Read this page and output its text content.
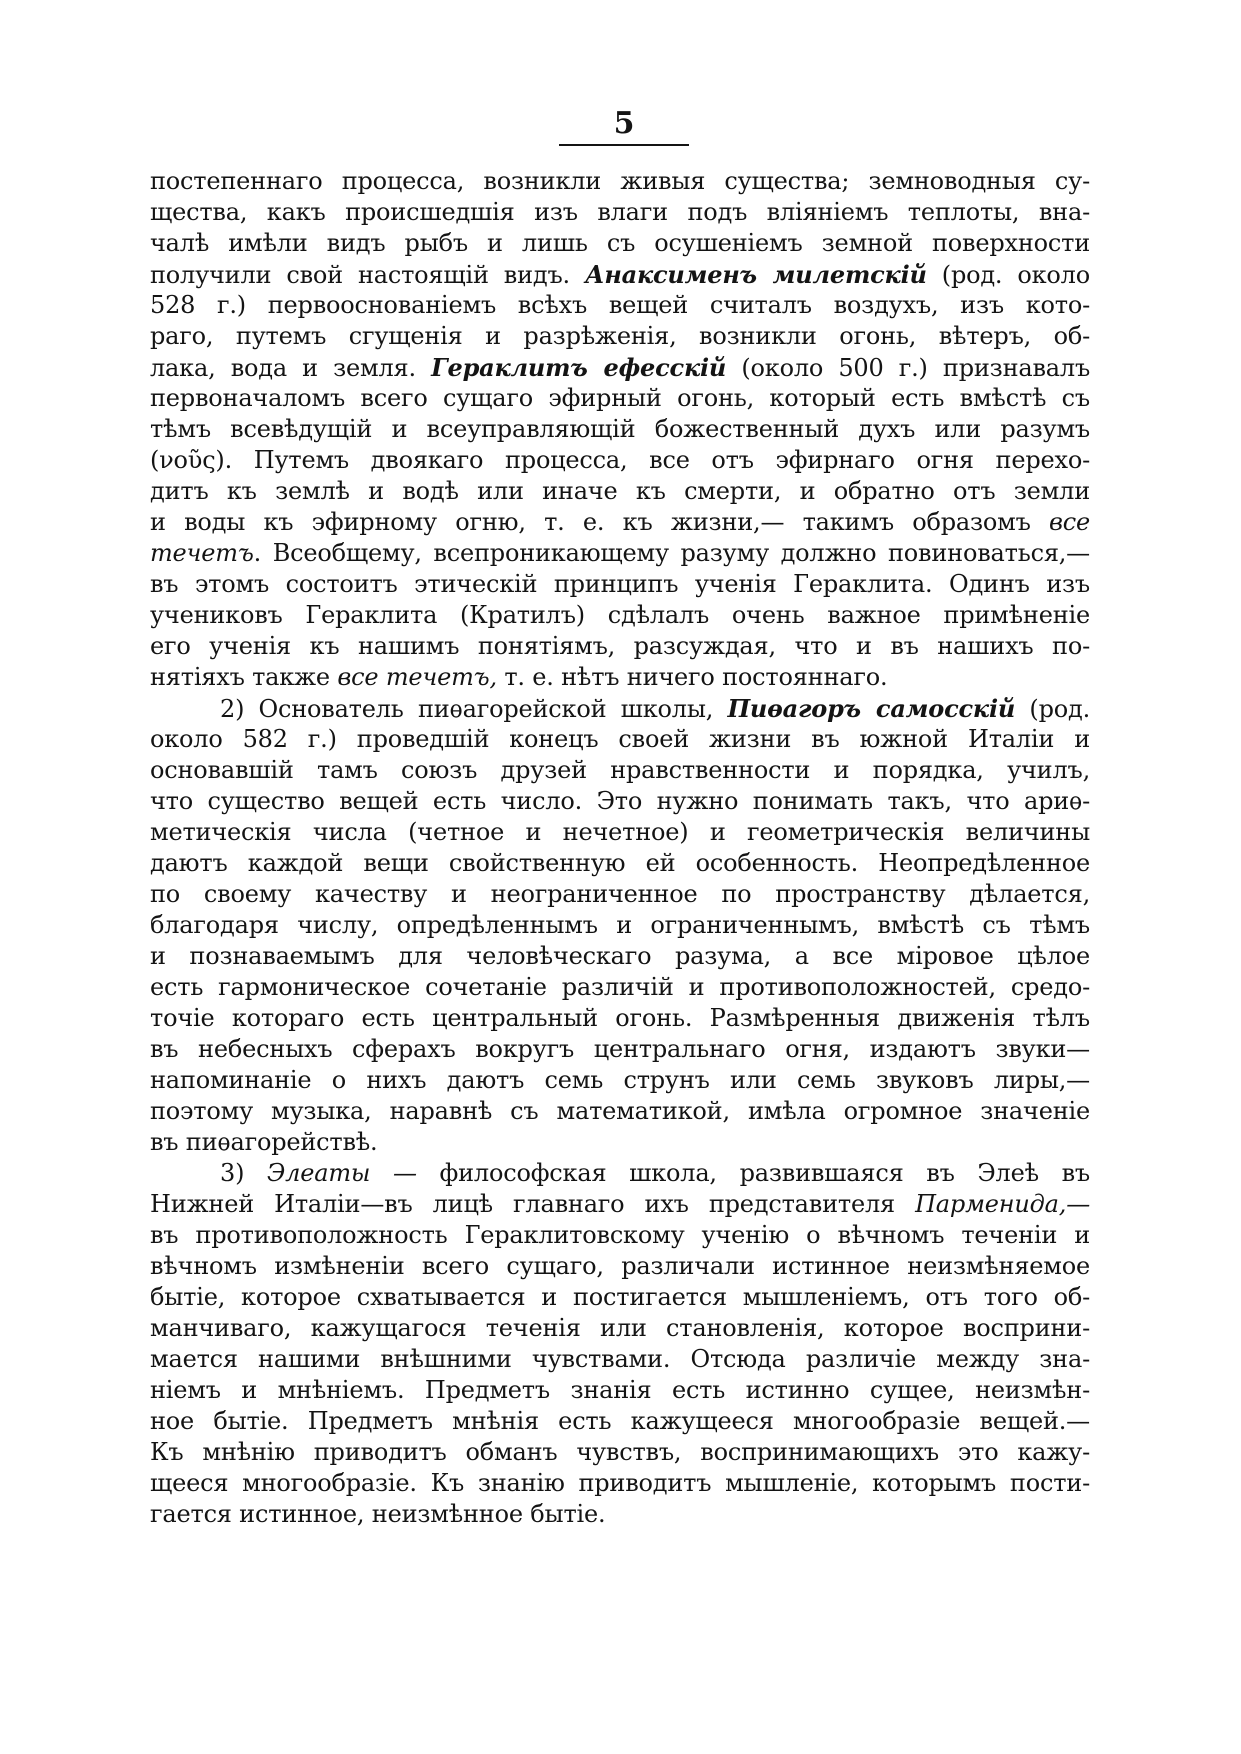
5
постепеннаго процесса, возникли живыя существа; земноводныя су-
щества, какъ происшедшія изъ влаги подъ вліяніемъ теплоты, вна-
чалѣ имѣли видъ рыбъ и лишь съ осушеніемъ земной поверхности
получили свой настоящій видъ. Анаксименъ милетскій (род. около
528 г.) первоосновaніемъ всѣхъ вещей считалъ воздухъ, изъ кото-
раго, путемъ сгущенія и разрѣженія, возникли огонь, вѣтеръ, об-
лака, вода и земля. Гераклитъ ефесскій (около 500 г.) признавалъ
первоначаломъ всего сущаго эфирный огонь, который есть вмѣстѣ съ
тѣмъ всевѣдущій и всеуправляющій божественный духъ или разумъ
(νοῦς). Путемъ двоякаго процесса, все отъ эфирнаго огня перехо-
дитъ къ землѣ и водѣ или иначе къ смерти, и обратно отъ земли
и воды къ эфирному огню, т. е. къ жизни,— такимъ образомъ все
течетъ. Всеобщему, всепроникающему разуму должно повиноваться,—
въ этомъ состоитъ этическій принципъ ученія Гераклита. Одинъ изъ
учениковъ Гераклита (Кратилъ) сдѣлалъ очень важное примѣненіе
его ученія къ нашимъ понятіямъ, разсуждая, что и въ нашихъ по-
нятіяхъ также все течетъ, т. е. нѣтъ ничего постояннаго.
2) Основатель пиѳагорейской школы, Пиѳагоръ самосскій (род.
около 582 г.) проведшій конецъ своей жизни въ южной Италіи и
основавшій тамъ союзъ друзей нравственности и порядка, училъ,
что существо вещей есть число. Это нужно понимать такъ, что ариѳ-
метическія числа (четное и нечетное) и геометрическія величины
даютъ каждой вещи свойственную ей особенность. Неопредѣленное
по своему качеству и неограниченное по пространству дѣлается,
благодаря числу, опредѣленнымъ и ограниченнымъ, вмѣстѣ съ тѣмъ
и познаваемымъ для человѣческаго разума, а все міровое цѣлое
есть гармоническое сочетаніе различій и противоположностей, средо-
точіе котораго есть центральный огонь. Размѣренныя движенія тѣлъ
въ небесныхъ сферахъ вокругъ центральнаго огня, издаютъ звуки—
напоминаніе о нихъ даютъ семь струнъ или семь звуковъ лиры,—
поэтому музыка, наравнѣ съ математикой, имѣла огромное значеніе
въ пиѳагорействѣ.
3) Элеаты — философская школа, развившаяся въ Элеѣ въ
Нижней Италіи—въ лицѣ главнаго ихъ представителя Парменида,—
въ противоположность Гераклитовскому ученію о вѣчномъ теченіи и
вѣчномъ измѣненіи всего сущаго, различали истинное неизмѣняемое
бытіе, которое схватывается и постигается мышленіемъ, отъ того об-
манчиваго, кажущагося теченія или становленія, которое восприни-
мается нашими внѣшними чувствами. Отсюда различіе между зна-
ніемъ и мнѣніемъ. Предметъ знанія есть истинно сущее, неизмѣн-
ное бытіе. Предметъ мнѣнія есть кажущееся многообразіе вещей.—
Къ мнѣнію приводитъ обманъ чувствъ, воспринимающихъ это кажу-
щееся многообразіе. Къ знанію приводитъ мышленіе, которымъ пости-
гается истинное, неизмѣнное бытіе.
